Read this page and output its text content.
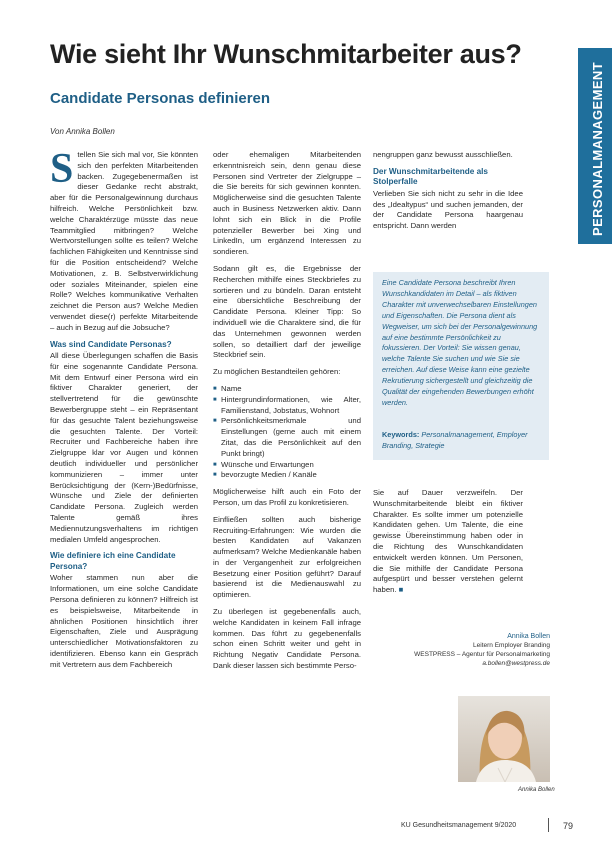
Wie sieht Ihr Wunschmitarbeiter aus?
Candidate Personas definieren	PERSONALMANAGEMENT
Von Annika Bollen

Stellen Sie sich mal vor, Sie könnten sich den perfekten Mitarbeitenden backen. Zugegebenermaßen ist dieser Gedanke recht abstrakt, aber für die Personalgewinnung durchaus hilfreich. Welche Persönlichkeit bzw. welche Charaktérzüge müsste das neue Teammitglied mitbringen? Welche Wertvorstellungen sollte es teilen? Welche fachlichen Fähigkeiten und Kenntnisse sind für die Position entscheidend? Welche Motivationen, z. B. Selbstverwirklichung oder soziales Miteinander, spielen eine Rolle? Welches kommunikative Verhalten zeichnet die Person aus? Welche Medien verwendet diese(r) perfekte Mitarbeitende – auch in Bezug auf die Jobsuche?

Was sind Candidate Personas?

All diese Überlegungen schaffen die Basis für eine sogenannte Candidate Persona. Mit dem Entwurf einer Persona wird ein fiktiver Charakter generiert, der stellvertretend für die gewünschte Bewerbergruppe steht – ein Repräsentant für das gesuchte Talent beziehungsweise die gesuchten Talente. Der Vorteil: Recruiter und Fachbereiche haben ihre Zielgruppe klar vor Augen und können deutlich individueller und persönlicher kommunizieren – immer unter Berücksichtigung der (Kern-)Bedürfnisse, Wünsche und Ziele der definierten Candidate Persona. Zugleich werden Talente gemäß ihres Mediennutzungsverhaltens im richtigen medialen Umfeld angesprochen.

Wie definiere ich eine Candidate Persona?

Woher stammen nun aber die Informationen, um eine solche Candidate Persona definieren zu können? Hilfreich ist es beispielsweise, Mitarbeitende in ähnlichen Positionen hinsichtlich ihrer Eigenschaften, Ziele und Ausprägung unterschiedlicher Motivationsfaktoren zu identifizieren. Ebenso kann ein Gespräch mit Vertretern aus dem Fachbereich

oder ehemaligen Mitarbeitenden erkenntnisreich sein, denn genau diese Personen sind Vertreter der Zielgruppe – die Sie bereits für sich gewinnen konnten. Möglicherweise sind die gesuchten Talente auch in Business Netzwerken aktiv. Dann lohnt sich ein Blick in die Profile potenzieller Bewerber bei Xing und LinkedIn, um ergänzend Interessen zu sondieren.

Sodann gilt es, die Ergebnisse der Recherchen mithilfe eines Steckbriefes zu sortieren und zu bündeln. Daran entsteht eine übersichtliche Beschreibung der Candidate Persona. Kleiner Tipp: So individuell wie die Charaktere sind, die für das Unternehmen gewonnen werden sollen, so detailliert darf der jeweilige Steckbrief sein.

Zu möglichen Bestandteilen gehören:

■ Name
■ Hintergrundinformationen, wie Alter, Familienstand, Jobstatus, Wohnort
■ Persönlichkeitsmerkmale und Einstellungen (gerne auch mit einem Zitat, das die Persönlichkeit auf den Punkt bringt)
■ Wünsche und Erwartungen
■ bevorzugte Medien / Kanäle

Möglicherweise hilft auch ein Foto der Person, um das Profil zu konkretisieren.

Einfließen sollten auch bisherige Recruiting-Erfahrungen: Wie wurden die besten Kandidaten auf Vakanzen aufmerksam? Welche Medienkanäle haben in der Vergangenheit zur erfolgreichen Besetzung einer Position geführt? Darauf basierend ist die Medienauswahl zu optimieren.

Zu überlegen ist gegebenenfalls auch, welche Kandidaten in keinem Fall infrage kommen. Das führt zu gegebenenfalls schon einen Schritt weiter und geht in Richtung Negativ Candidate Persona. Dank dieser lassen sich bestimmte Perso-

nengruppen ganz bewusst ausschließen.

Der Wunschmitarbeitende als Stolperfalle

Verlieben Sie sich nicht zu sehr in die Idee des „Idealtypus“ und suchen jemanden, der der Candidate Persona haargenau entspricht. Dann werden

Eine Candidate Persona beschreibt Ihren Wunschkandidaten im Detail – als fiktiven Charakter mit unverwechselbaren Einstellungen und Eigenschaften. Die Persona dient als Wegweiser, um sich bei der Personalgewinnung auf eine bestimmte Persönlichkeit zu fokussieren. Der Vorteil: Sie wissen genau, welche Talente Sie suchen und wie Sie sie erreichen. Auf diese Weise kann eine gezielte Rekrutierung sichergestellt und gleichzeitig die Qualität der eingehenden Bewerbungen erhöht werden.
Keywords: Personalmanagement, Employer Branding, Strategie

Sie auf Dauer verzweifeln. Der Wunschmitarbeitende bleibt ein fiktiver Charakter. Es sollte immer um potenzielle Kandidaten gehen. Um Talente, die eine gewisse Übereinstimmung haben oder in die Richtung des Wunschkandidaten entwickelt werden können. Um Personen, die Sie mithilfe der Candidate Persona aufgespürt und besser verstehen gelernt haben. ■

Annika Bollen
Leitern Employer Branding
WESTPRESS – Agentur für Personalmarketing
a.bollen@westpress.de
Annika Bollen
KU Gesundheitsmanagement 9/2020	79
